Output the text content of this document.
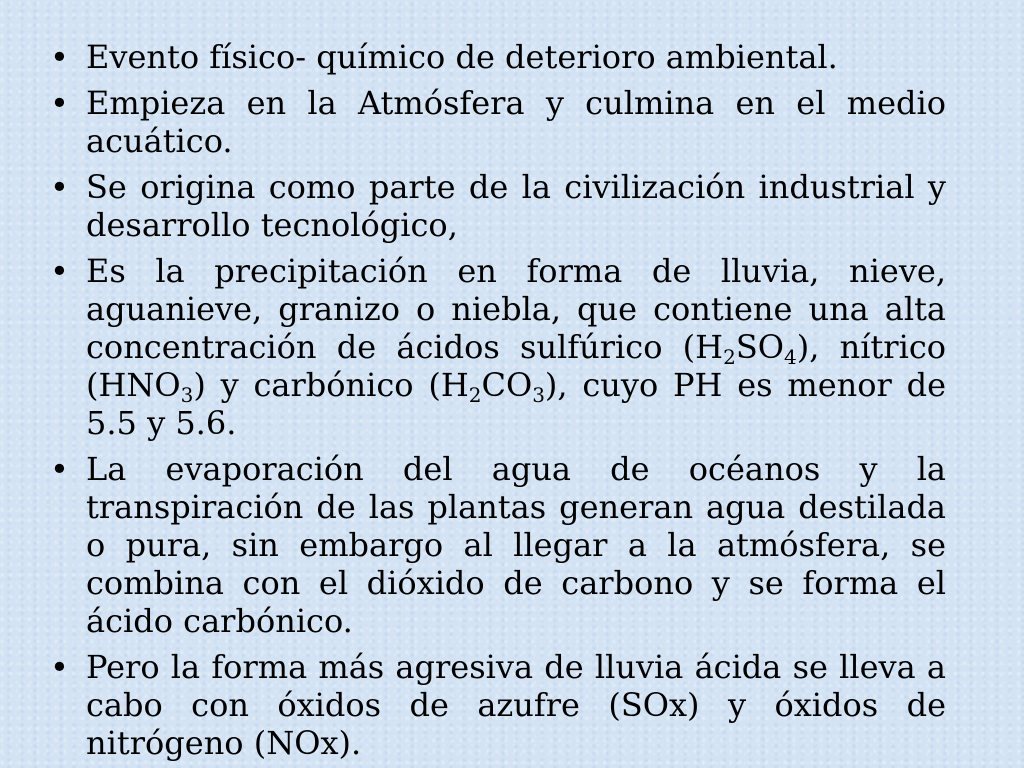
• Evento físico- químico de deterioro ambiental.
• Empieza en la Atmósfera y culmina en el medio acuático.
• Se origina como parte de la civilización industrial y desarrollo tecnológico,
• Es la precipitación en forma de lluvia, nieve, aguanieve, granizo o niebla, que contiene una alta concentración de ácidos sulfúrico $(H_2SO_4)$, nítrico $(HNO_3)$ y carbónico $(H_2CO_3)$, cuyo PH es menor de 5.5 y 5.6.
• La evaporación del agua de océanos y la transpiración de las plantas generan agua destilada o pura, sin embargo al llegar a la atmósfera, se combina con el dióxido de carbono y se forma el ácido carbónico.
• Pero la forma más agresiva de lluvia ácida se lleva a cabo con óxidos de azufre (SOx) y óxidos de nitrógeno (NOx).
